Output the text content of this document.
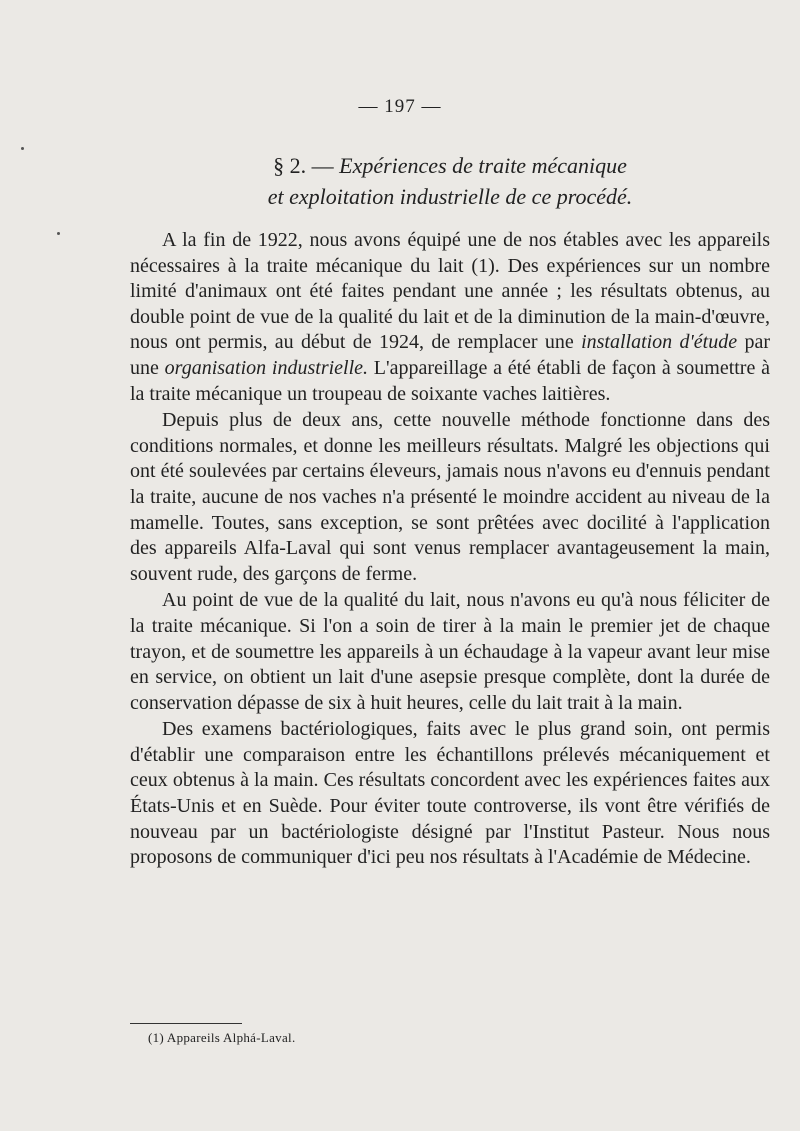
— 197 —
§ 2. — Expériences de traite mécanique
et exploitation industrielle de ce procédé.

A la fin de 1922, nous avons équipé une de nos étables avec les appareils nécessaires à la traite mécanique du lait (1). Des expériences sur un nombre limité d'animaux ont été faites pendant une année ; les résultats obtenus, au double point de vue de la qualité du lait et de la diminution de la main-d'œuvre, nous ont permis, au début de 1924, de remplacer une installation d'étude par une organisation industrielle. L'appareillage a été établi de façon à soumettre à la traite mécanique un troupeau de soixante vaches laitières.

Depuis plus de deux ans, cette nouvelle méthode fonctionne dans des conditions normales, et donne les meilleurs résultats. Malgré les objections qui ont été soulevées par certains éleveurs, jamais nous n'avons eu d'ennuis pendant la traite, aucune de nos vaches n'a présenté le moindre accident au niveau de la mamelle. Toutes, sans exception, se sont prêtées avec docilité à l'application des appareils Alfa-Laval qui sont venus remplacer avantageusement la main, souvent rude, des garçons de ferme.

Au point de vue de la qualité du lait, nous n'avons eu qu'à nous féliciter de la traite mécanique. Si l'on a soin de tirer à la main le premier jet de chaque trayon, et de soumettre les appareils à un échaudage à la vapeur avant leur mise en service, on obtient un lait d'une asepsie presque complète, dont la durée de conservation dépasse de six à huit heures, celle du lait trait à la main.

Des examens bactériologiques, faits avec le plus grand soin, ont permis d'établir une comparaison entre les échantillons prélevés mécaniquement et ceux obtenus à la main. Ces résultats concordent avec les expériences faites aux États-Unis et en Suède. Pour éviter toute controverse, ils vont être vérifiés de nouveau par un bactériologiste désigné par l'Institut Pasteur. Nous nous proposons de communiquer d'ici peu nos résultats à l'Académie de Médecine.

(1) Appareils Alphá-Laval.
